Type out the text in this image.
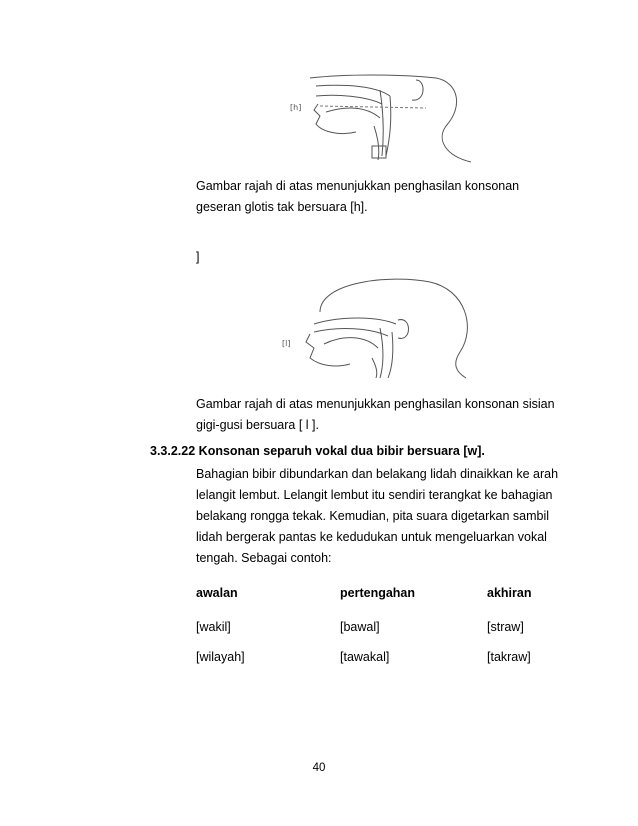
[h]
Gambar rajah di atas menunjukkan penghasilan konsonan
geseran glotis tak bersuara [h].
]
[l]
Gambar rajah di atas menunjukkan penghasilan konsonan sisian
gigi-gusi bersuara [ l ].
3.3.2.22 Konsonan separuh vokal dua bibir bersuara [w].
Bahagian bibir dibundarkan dan belakang lidah dinaikkan ke arah
lelangit lembut. Lelangit lembut itu sendiri terangkat ke bahagian
belakang rongga tekak. Kemudian, pita suara digetarkan sambil
lidah bergerak pantas ke kedudukan untuk mengeluarkan vokal
tengah. Sebagai contoh:
awalan	pertengahan	akhiran
[wakil]	[bawal]	[straw]
[wilayah]	[tawakal]	[takraw]
40
